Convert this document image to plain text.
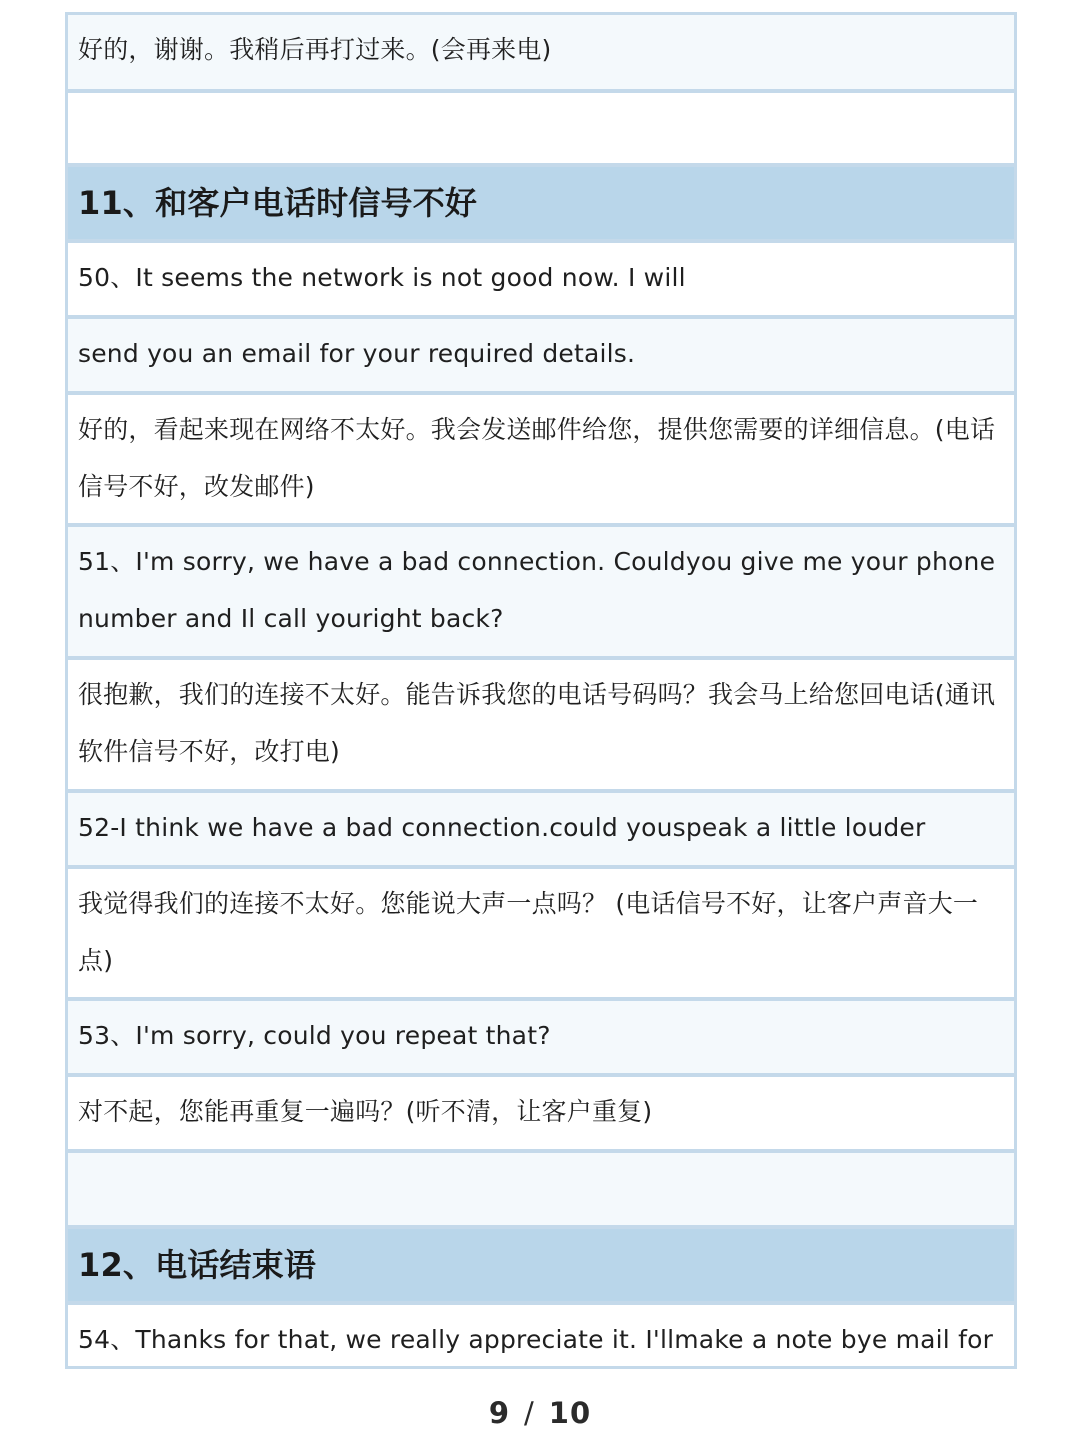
好的，谢谢。我稍后再打过来。(会再来电)
11、和客户电话时信号不好
50、It seems the network is not good now. I will
send you an email for your required details.
好的，看起来现在网络不太好。我会发送邮件给您，提供您需要的详细信息。(电话
信号不好，改发邮件)
51、I'm sorry, we have a bad connection. Couldyou give me your phone
number and Il call youright back?
很抱歉，我们的连接不太好。能告诉我您的电话号码吗？我会马上给您回电话(通讯
软件信号不好，改打电)
52-I think we have a bad connection.could youspeak a little louder
我觉得我们的连接不太好。您能说大声一点吗？ (电话信号不好，让客户声音大一
点)
53、I'm sorry, could you repeat that?
对不起，您能再重复一遍吗？(听不清，让客户重复)
12、电话结束语
54、Thanks for that, we really appreciate it. I'llmake a note bye mail for
9 / 10
